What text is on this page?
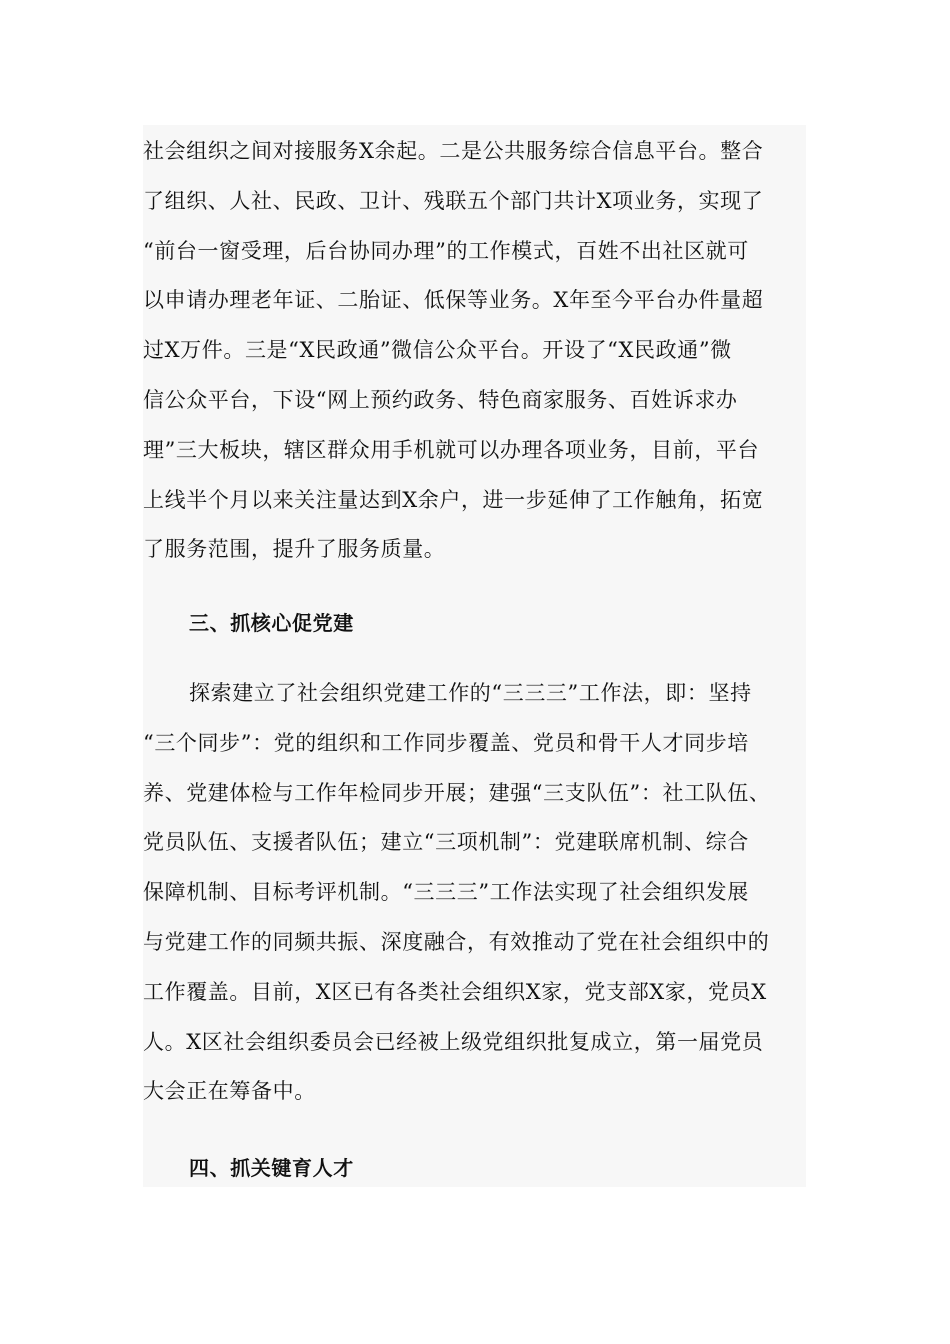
社会组织之间对接服务X余起。二是公共服务综合信息平台。整合
了组织、人社、民政、卫计、残联五个部门共计X项业务，实现了
“前台一窗受理，后台协同办理”的工作模式，百姓不出社区就可
以申请办理老年证、二胎证、低保等业务。X年至今平台办件量超
过X万件。三是“X民政通”微信公众平台。开设了“X民政通”微
信公众平台，下设“网上预约政务、特色商家服务、百姓诉求办
理”三大板块，辖区群众用手机就可以办理各项业务，目前，平台
上线半个月以来关注量达到X余户，进一步延伸了工作触角，拓宽
了服务范围，提升了服务质量。
三、抓核心促党建
探索建立了社会组织党建工作的“三三三”工作法，即：坚持
“三个同步”：党的组织和工作同步覆盖、党员和骨干人才同步培
养、党建体检与工作年检同步开展；建强“三支队伍”：社工队伍、
党员队伍、支援者队伍；建立“三项机制”：党建联席机制、综合
保障机制、目标考评机制。“三三三”工作法实现了社会组织发展
与党建工作的同频共振、深度融合，有效推动了党在社会组织中的
工作覆盖。目前，X区已有各类社会组织X家，党支部X家，党员X
人。X区社会组织委员会已经被上级党组织批复成立，第一届党员
大会正在筹备中。
四、抓关键育人才
